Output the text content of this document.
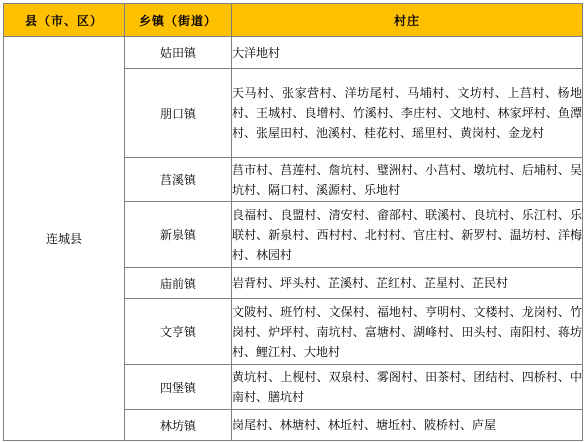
县（市、区）	乡镇（街道）	村庄
连城县	姑田镇	大洋地村
	朋口镇	天马村、张家营村、洋坊尾村、马埔村、文坊村、上莒村、杨地村、王城村、良增村、竹溪村、李庄村、文地村、林家坪村、鱼潭村、张屋田村、池溪村、桂花村、瑶里村、黄岗村、金龙村
	莒溪镇	莒市村、莒莲村、詹坑村、璧洲村、小莒村、墩坑村、后埔村、吴坑村、隔口村、溪源村、乐地村
	新泉镇	良福村、良盟村、清安村、畲部村、联溪村、良坑村、乐江村、乐联村、新泉村、西村村、北村村、官庄村、新罗村、温坊村、洋梅村、林园村
	庙前镇	岩背村、坪头村、芷溪村、芷红村、芷星村、芷民村
	文亨镇	文陂村、班竹村、文保村、福地村、亨明村、文楼村、龙岗村、竹岗村、炉坪村、南坑村、富塘村、湖峰村、田头村、南阳村、蒋坊村、鲤江村、大地村
	四堡镇	黄坑村、上枧村、双泉村、雾阁村、田茶村、团结村、四桥村、中南村、膳坑村
	林坊镇	岗尾村、林塘村、林坵村、塘坵村、陂桥村、庐屋
